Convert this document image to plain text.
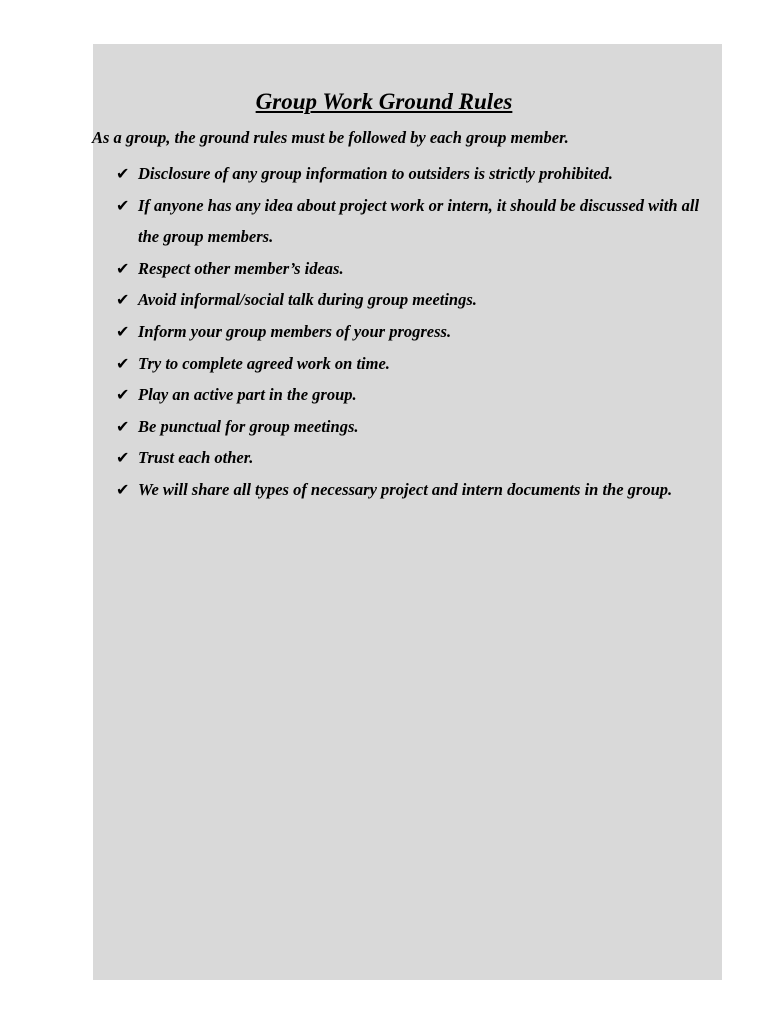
Group Work Ground Rules

As a group, the ground rules must be followed by each group member.

✔ Disclosure of any group information to outsiders is strictly prohibited.
✔ If anyone has any idea about project work or intern, it should be discussed with all the group members.
✔ Respect other member’s ideas.
✔ Avoid informal/social talk during group meetings.
✔ Inform your group members of your progress.
✔ Try to complete agreed work on time.
✔ Play an active part in the group.
✔ Be punctual for group meetings.
✔ Trust each other.
✔ We will share all types of necessary project and intern documents in the group.
